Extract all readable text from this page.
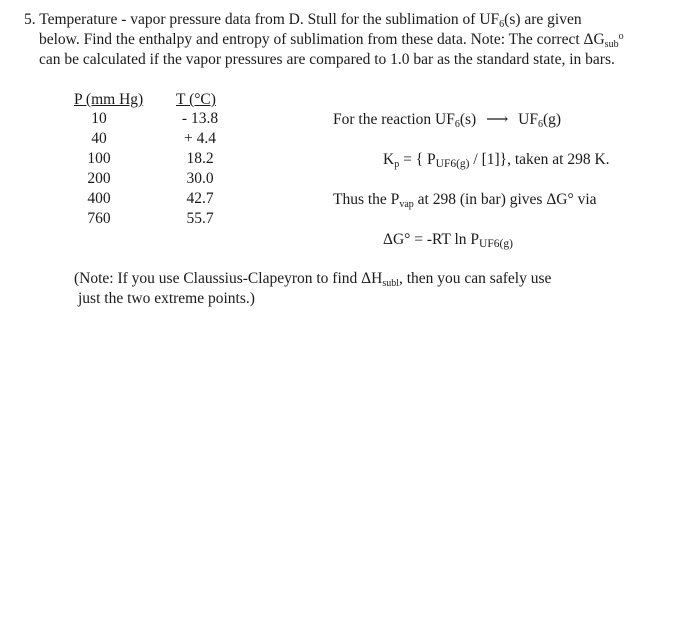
5. Temperature - vapor pressure data from D. Stull for the sublimation of $UF_6(s)$ are given
below. Find the enthalpy and entropy of sublimation from these data. Note: The correct $\Delta G_{sub}^o$
can be calculated if the vapor pressures are compared to 1.0 bar as the standard state, in bars.
P (mm Hg) T (°C)
10
40
100
200
400
760
- 13.8
+ 4.4
18.2
30.0
42.7
55.7
For the reaction $UF_6(s)$ ⟶ $UF_6(g)$
$K_p$ = { $P_{UF6(g)} / [1]$}, taken at 298 K.
Thus the $P_{vap}$ at 298 (in bar) gives ΔG° via
ΔG° = -RT $\ln P_{UF6(g)}$
(Note: If you use Claussius-Clapeyron to find $\Delta H_{subl}$, then you can safely use
just the two extreme points.)
